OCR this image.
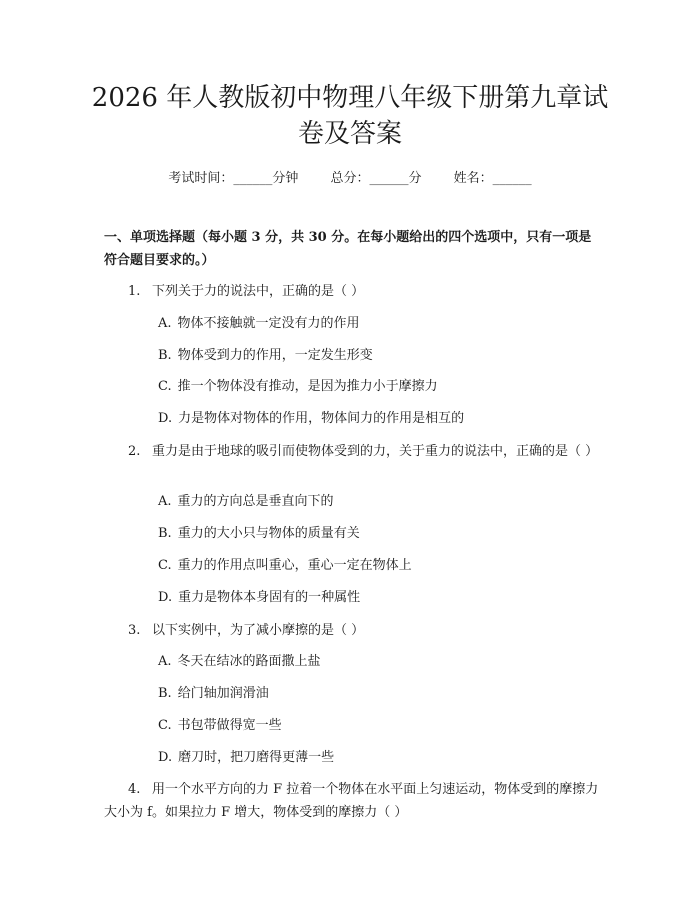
2026 年人教版初中物理八年级下册第九章试卷及答案
考试时间：______分钟 总分：______分 姓名：______

一、单项选择题（每小题 3 分，共 30 分。在每小题给出的四个选项中，只有一项是符合题目要求的。）

1. 下列关于力的说法中，正确的是（ ）

A. 物体不接触就一定没有力的作用

B. 物体受到力的作用，一定发生形变

C. 推一个物体没有推动，是因为推力小于摩擦力

D. 力是物体对物体的作用，物体间力的作用是相互的

2. 重力是由于地球的吸引而使物体受到的力，关于重力的说法中，正确的是（ ）

A. 重力的方向总是垂直向下的

B. 重力的大小只与物体的质量有关

C. 重力的作用点叫重心，重心一定在物体上

D. 重力是物体本身固有的一种属性

3. 以下实例中，为了减小摩擦的是（ ）

A. 冬天在结冰的路面撒上盐

B. 给门轴加润滑油

C. 书包带做得宽一些

D. 磨刀时，把刀磨得更薄一些

4. 用一个水平方向的力 F 拉着一个物体在水平面上匀速运动，物体受到的摩擦力大小为 f。如果拉力 F 增大，物体受到的摩擦力（ ）
